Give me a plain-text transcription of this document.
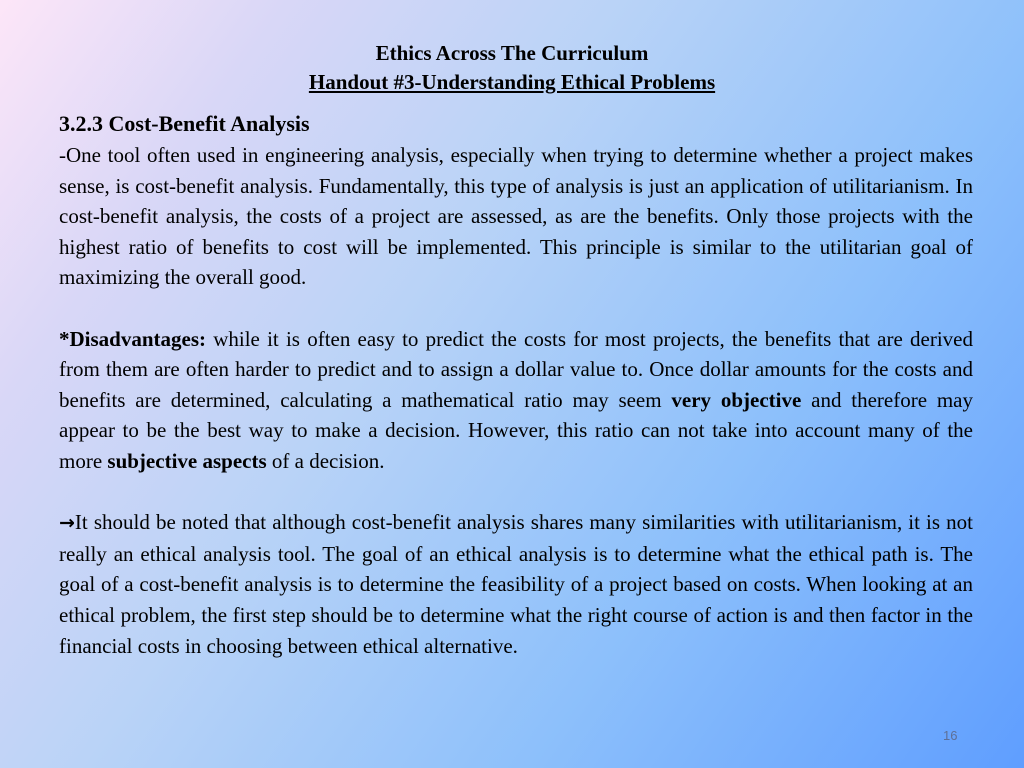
Ethics Across The Curriculum
Handout #3-Understanding Ethical Problems

3.2.3 Cost-Benefit Analysis

-One tool often used in engineering analysis, especially when trying to determine whether a project makes sense, is cost-benefit analysis. Fundamentally, this type of analysis is just an application of utilitarianism. In cost-benefit analysis, the costs of a project are assessed, as are the benefits. Only those projects with the highest ratio of benefits to cost will be implemented. This principle is similar to the utilitarian goal of maximizing the overall good.

*Disadvantages: while it is often easy to predict the costs for most projects, the benefits that are derived from them are often harder to predict and to assign a dollar value to. Once dollar amounts for the costs and benefits are determined, calculating a mathematical ratio may seem very objective and therefore may appear to be the best way to make a decision. However, this ratio can not take into account many of the more subjective aspects of a decision.

→It should be noted that although cost-benefit analysis shares many similarities with utilitarianism, it is not really an ethical analysis tool. The goal of an ethical analysis is to determine what the ethical path is. The goal of a cost-benefit analysis is to determine the feasibility of a project based on costs. When looking at an ethical problem, the first step should be to determine what the right course of action is and then factor in the financial costs in choosing between ethical alternative.

16
